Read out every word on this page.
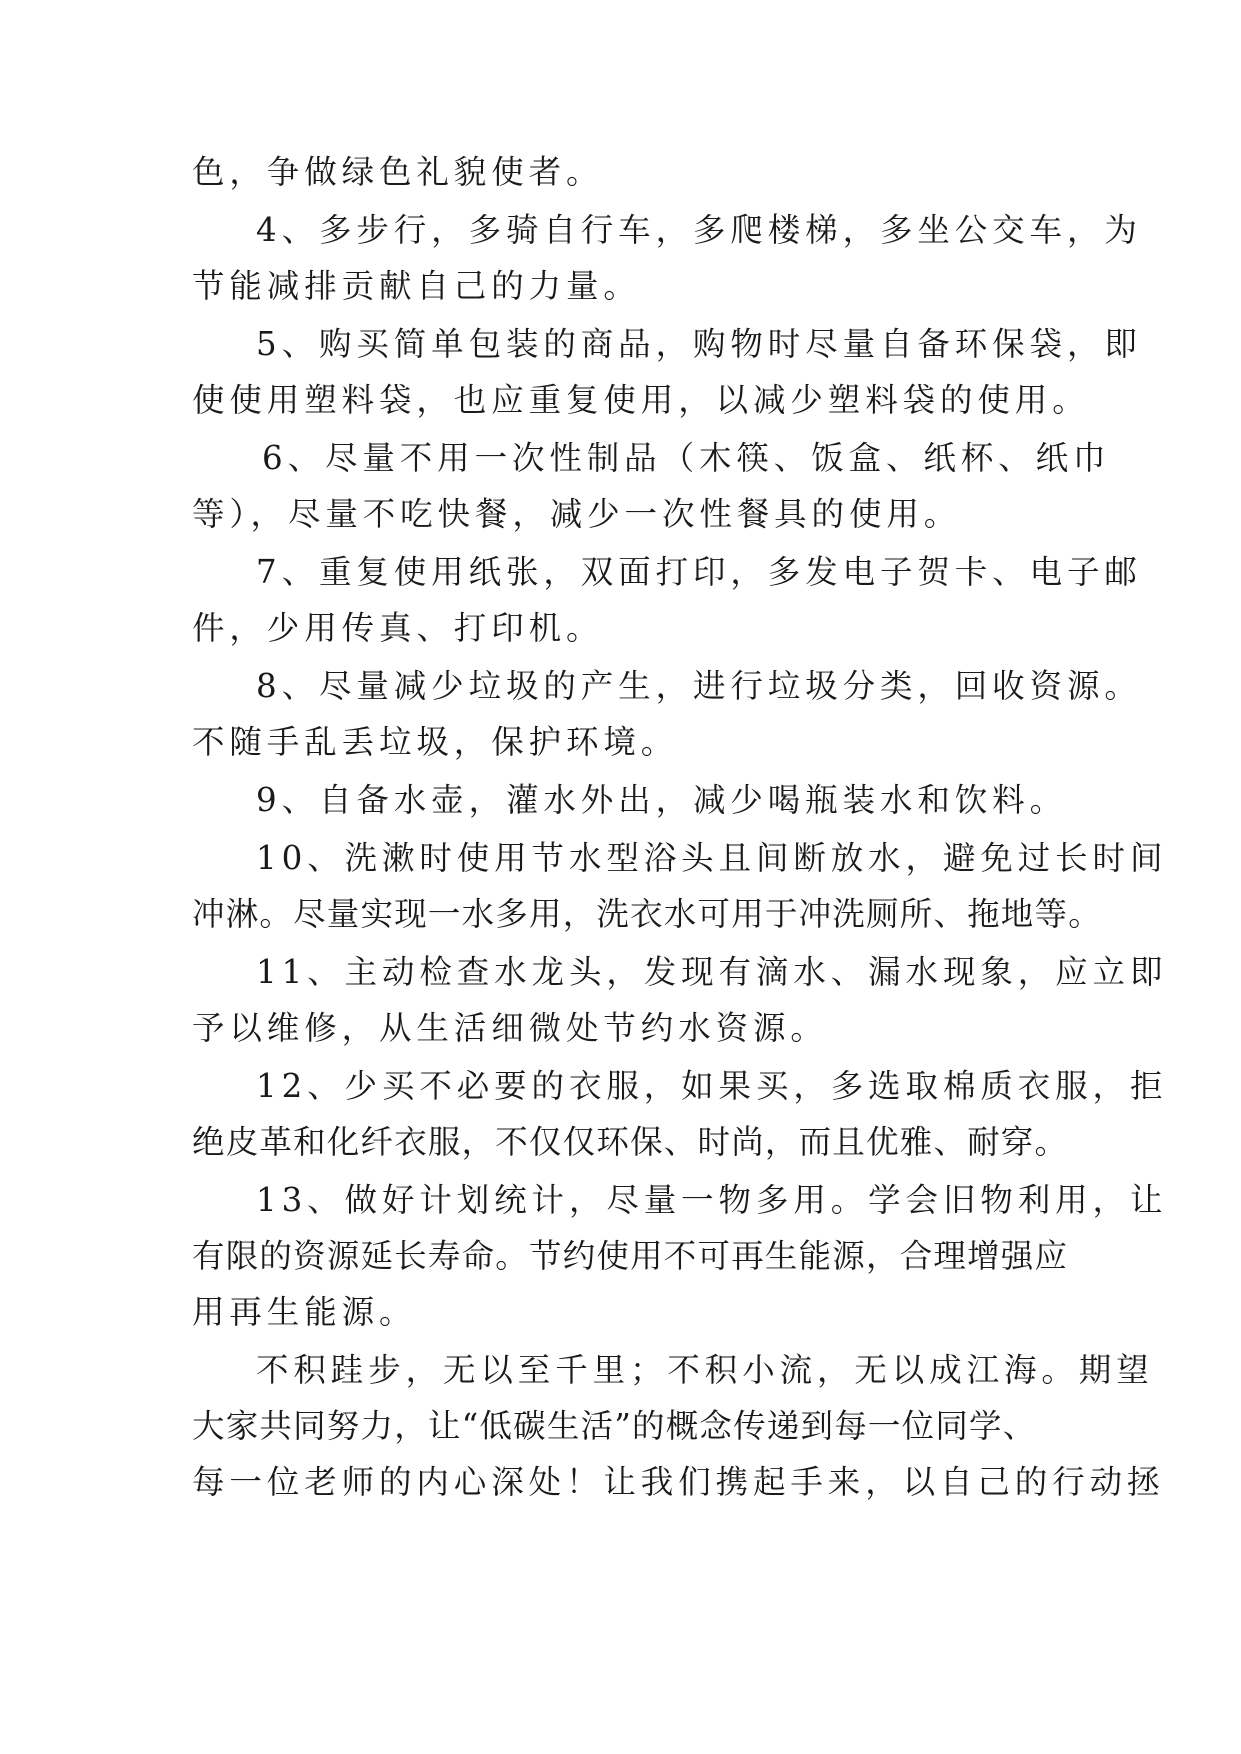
色，争做绿色礼貌使者。

4、多步行，多骑自行车，多爬楼梯，多坐公交车，为

节能减排贡献自己的力量。

5、购买简单包装的商品，购物时尽量自备环保袋，即

使使用塑料袋，也应重复使用，以减少塑料袋的使用。

6、尽量不用一次性制品（木筷、饭盒、纸杯、纸巾

等），尽量不吃快餐，减少一次性餐具的使用。

7、重复使用纸张，双面打印，多发电子贺卡、电子邮

件，少用传真、打印机。

8、尽量减少垃圾的产生，进行垃圾分类，回收资源。

不随手乱丢垃圾，保护环境。

9、自备水壶，灌水外出，减少喝瓶装水和饮料。

10、洗漱时使用节水型浴头且间断放水，避免过长时间

冲淋。尽量实现一水多用，洗衣水可用于冲洗厕所、拖地等。

11、主动检查水龙头，发现有滴水、漏水现象，应立即

予以维修，从生活细微处节约水资源。

12、少买不必要的衣服，如果买，多选取棉质衣服，拒

绝皮革和化纤衣服，不仅仅环保、时尚，而且优雅、耐穿。

13、做好计划统计，尽量一物多用。学会旧物利用，让

有限的资源延长寿命。节约使用不可再生能源，合理增强应

用再生能源。

不积跬步，无以至千里；不积小流，无以成江海。期望

大家共同努力，让“低碳生活”的概念传递到每一位同学、

每一位老师的内心深处！让我们携起手来，以自己的行动拯
